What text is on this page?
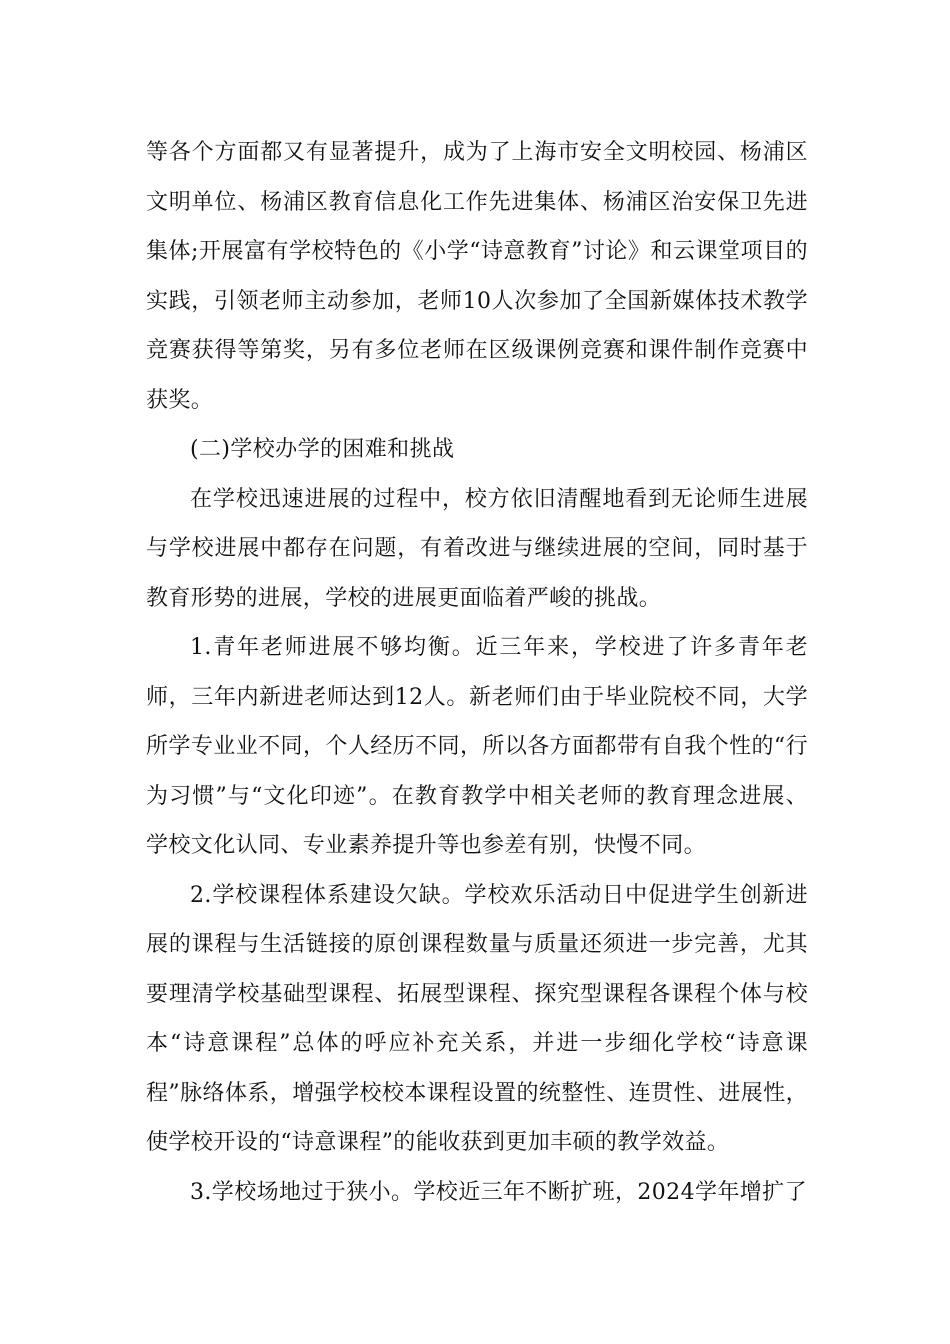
等各个方面都又有显著提升，成为了上海市安全文明校园、杨浦区文明单位、杨浦区教育信息化工作先进集体、杨浦区治安保卫先进集体;开展富有学校特色的《小学“诗意教育”讨论》和云课堂项目的实践，引领老师主动参加，老师10人次参加了全国新媒体技术教学竞赛获得等第奖，另有多位老师在区级课例竞赛和课件制作竞赛中获奖。

(二)学校办学的困难和挑战

在学校迅速进展的过程中，校方依旧清醒地看到无论师生进展与学校进展中都存在问题，有着改进与继续进展的空间，同时基于教育形势的进展，学校的进展更面临着严峻的挑战。

1.青年老师进展不够均衡。近三年来，学校进了许多青年老师，三年内新进老师达到12人。新老师们由于毕业院校不同，大学所学专业业不同，个人经历不同，所以各方面都带有自我个性的“行为习惯”与“文化印迹”。在教育教学中相关老师的教育理念进展、学校文化认同、专业素养提升等也参差有别，快慢不同。

2.学校课程体系建设欠缺。学校欢乐活动日中促进学生创新进展的课程与生活链接的原创课程数量与质量还须进一步完善，尤其要理清学校基础型课程、拓展型课程、探究型课程各课程个体与校本“诗意课程”总体的呼应补充关系，并进一步细化学校“诗意课程”脉络体系，增强学校校本课程设置的统整性、连贯性、进展性，使学校开设的“诗意课程”的能收获到更加丰硕的教学效益。

3.学校场地过于狭小。学校近三年不断扩班，2024学年增扩了
